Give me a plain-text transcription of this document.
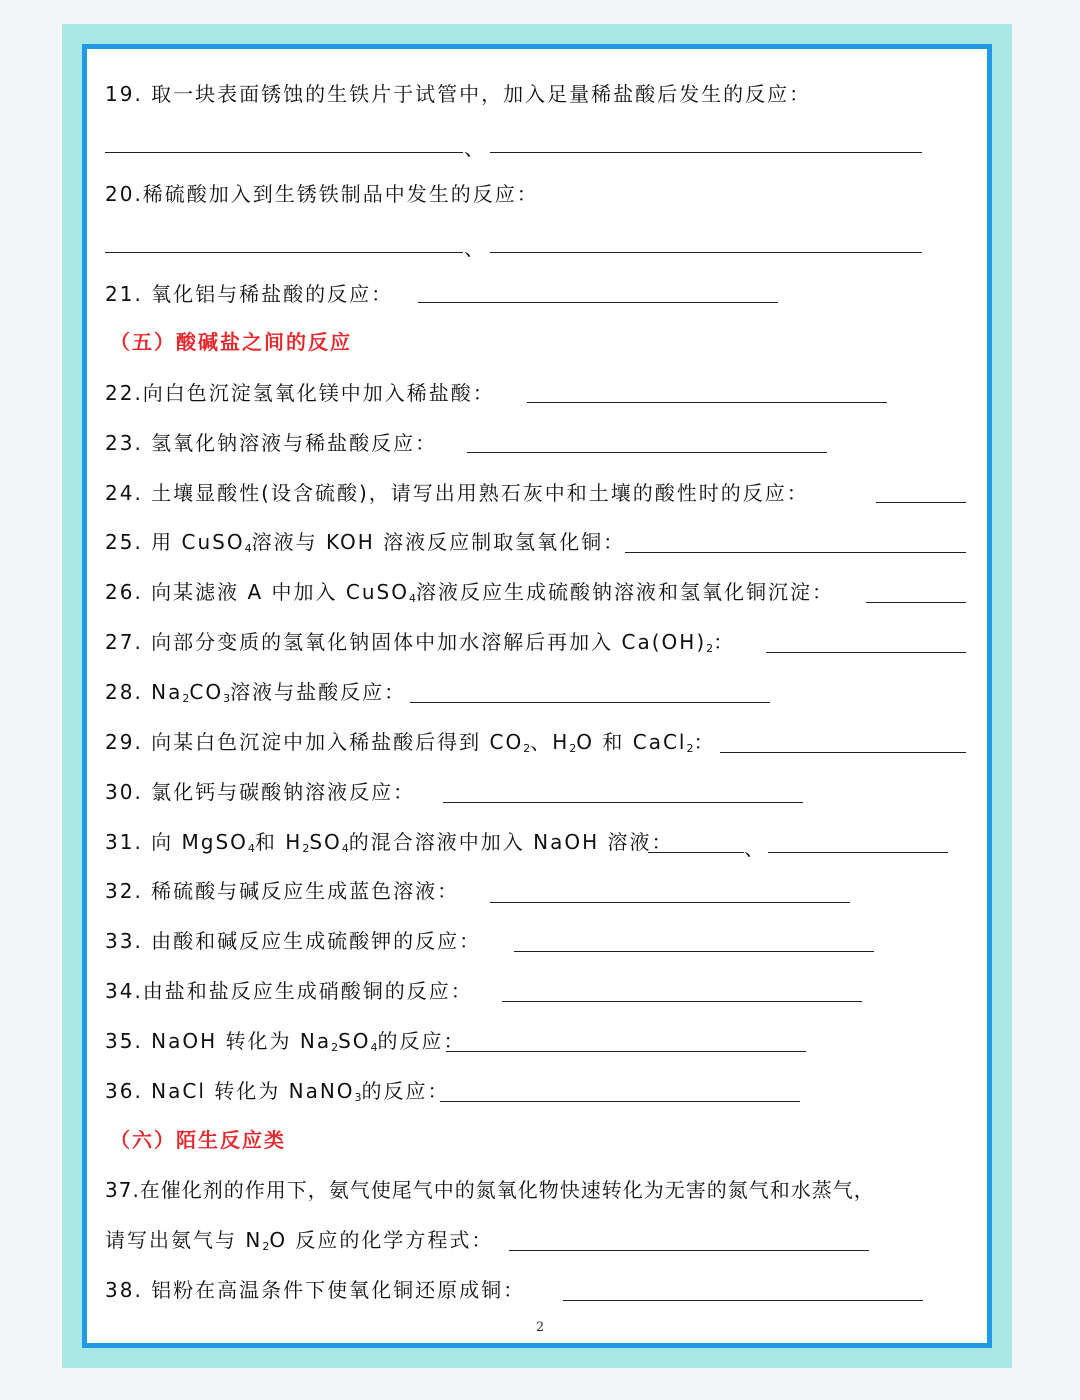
19. 取一块表面锈蚀的生铁片于试管中，加入足量稀盐酸后发生的反应：
、
20.稀硫酸加入到生锈铁制品中发生的反应：
、
21. 氧化铝与稀盐酸的反应：
（五）酸碱盐之间的反应
22.向白色沉淀氢氧化镁中加入稀盐酸：
23. 氢氧化钠溶液与稀盐酸反应：
24. 土壤显酸性(设含硫酸)，请写出用熟石灰中和土壤的酸性时的反应：
25. 用 CuSO$_4$溶液与 KOH 溶液反应制取氢氧化铜：
26. 向某滤液 A 中加入 CuSO$_4$溶液反应生成硫酸钠溶液和氢氧化铜沉淀：
27. 向部分变质的氢氧化钠固体中加水溶解后再加入 $Ca(OH)_2$：
28. $Na_2CO_3$溶液与盐酸反应：
29. 向某白色沉淀中加入稀盐酸后得到 $CO_2$、$H_2O$ 和 CaCl$_2$：
30. 氯化钙与碳酸钠溶液反应：
31. 向 MgSO$_4$和 $H_2SO_4$的混合溶液中加入 NaOH 溶液：	、
32. 稀硫酸与碱反应生成蓝色溶液：
33. 由酸和碱反应生成硫酸钾的反应：
34.由盐和盐反应生成硝酸铜的反应：
35. NaOH 转化为 $Na_2SO_4$的反应：
36. NaCl 转化为 NaNO$_3$的反应：
（六）陌生反应类
37.在催化剂的作用下，氨气使尾气中的氮氧化物快速转化为无害的氮气和水蒸气，
请写出氨气与 $N_2O$ 反应的化学方程式：
38. 铝粉在高温条件下使氧化铜还原成铜：
2
